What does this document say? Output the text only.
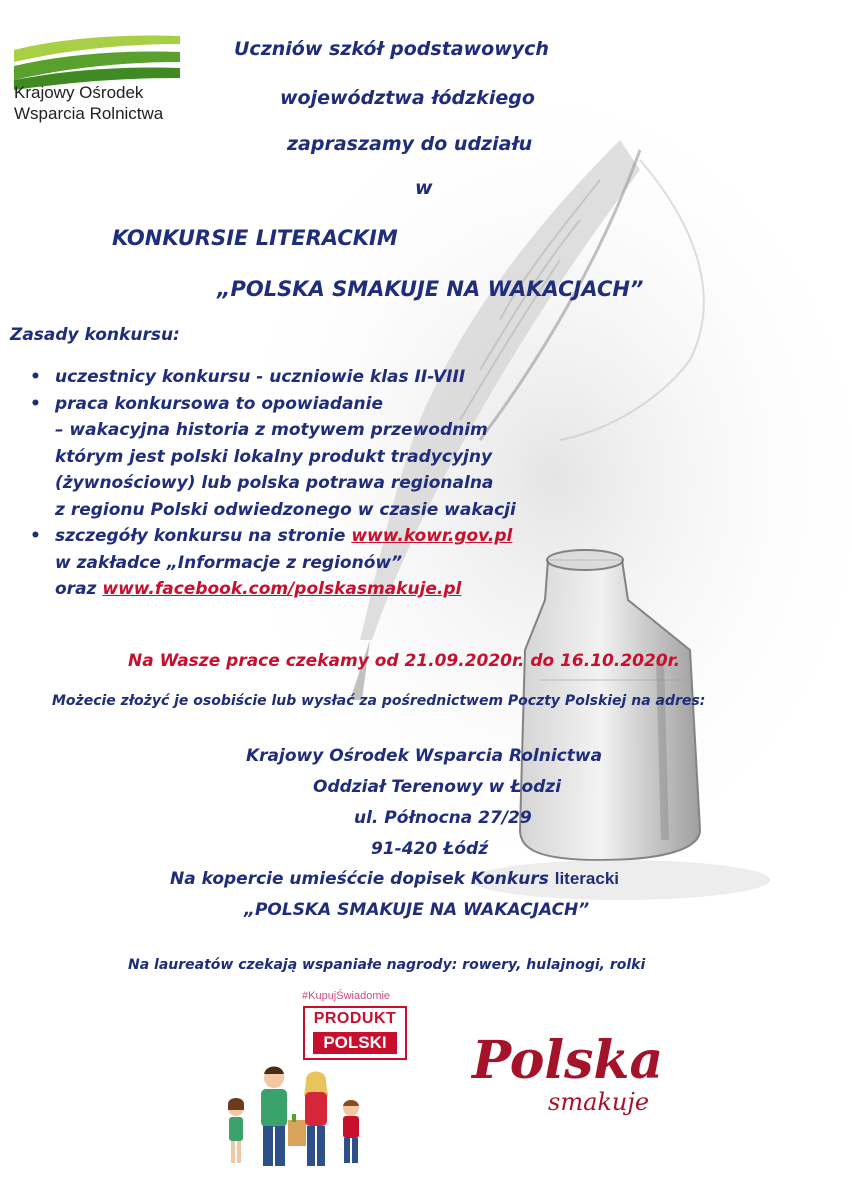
Krajowy Ośrodek
Wsparcia Rolnictwa
Uczniów szkół podstawowych
województwa łódzkiego
zapraszamy do udziału
w
KONKURSIE LITERACKIM
„POLSKA SMAKUJE NA WAKACJACH”
Zasady konkursu:
• uczestnicy konkursu - uczniowie klas II-VIII
• praca konkursowa to opowiadanie
– wakacyjna historia z motywem przewodnim
którym jest polski lokalny produkt tradycyjny
(żywnościowy) lub polska potrawa regionalna
z regionu Polski odwiedzonego w czasie wakacji
• szczegóły konkursu na stronie www.kowr.gov.pl
w zakładce „Informacje z regionów”
oraz www.facebook.com/polskasmakuje.pl
Na Wasze prace czekamy od 21.09.2020r. do 16.10.2020r.
Możecie złożyć je osobiście lub wysłać za pośrednictwem Poczty Polskiej na adres:
Krajowy Ośrodek Wsparcia Rolnictwa
Oddział Terenowy w Łodzi
ul. Północna 27/29
91-420 Łódź
Na kopercie umieśćcie dopisek Konkurs literacki
„POLSKA SMAKUJE NA WAKACJACH”
Na laureatów czekają wspaniałe nagrody: rowery, hulajnogi, rolki
#KupujŚwiadomie
PRODUKT
POLSKI Polska
smakuje
